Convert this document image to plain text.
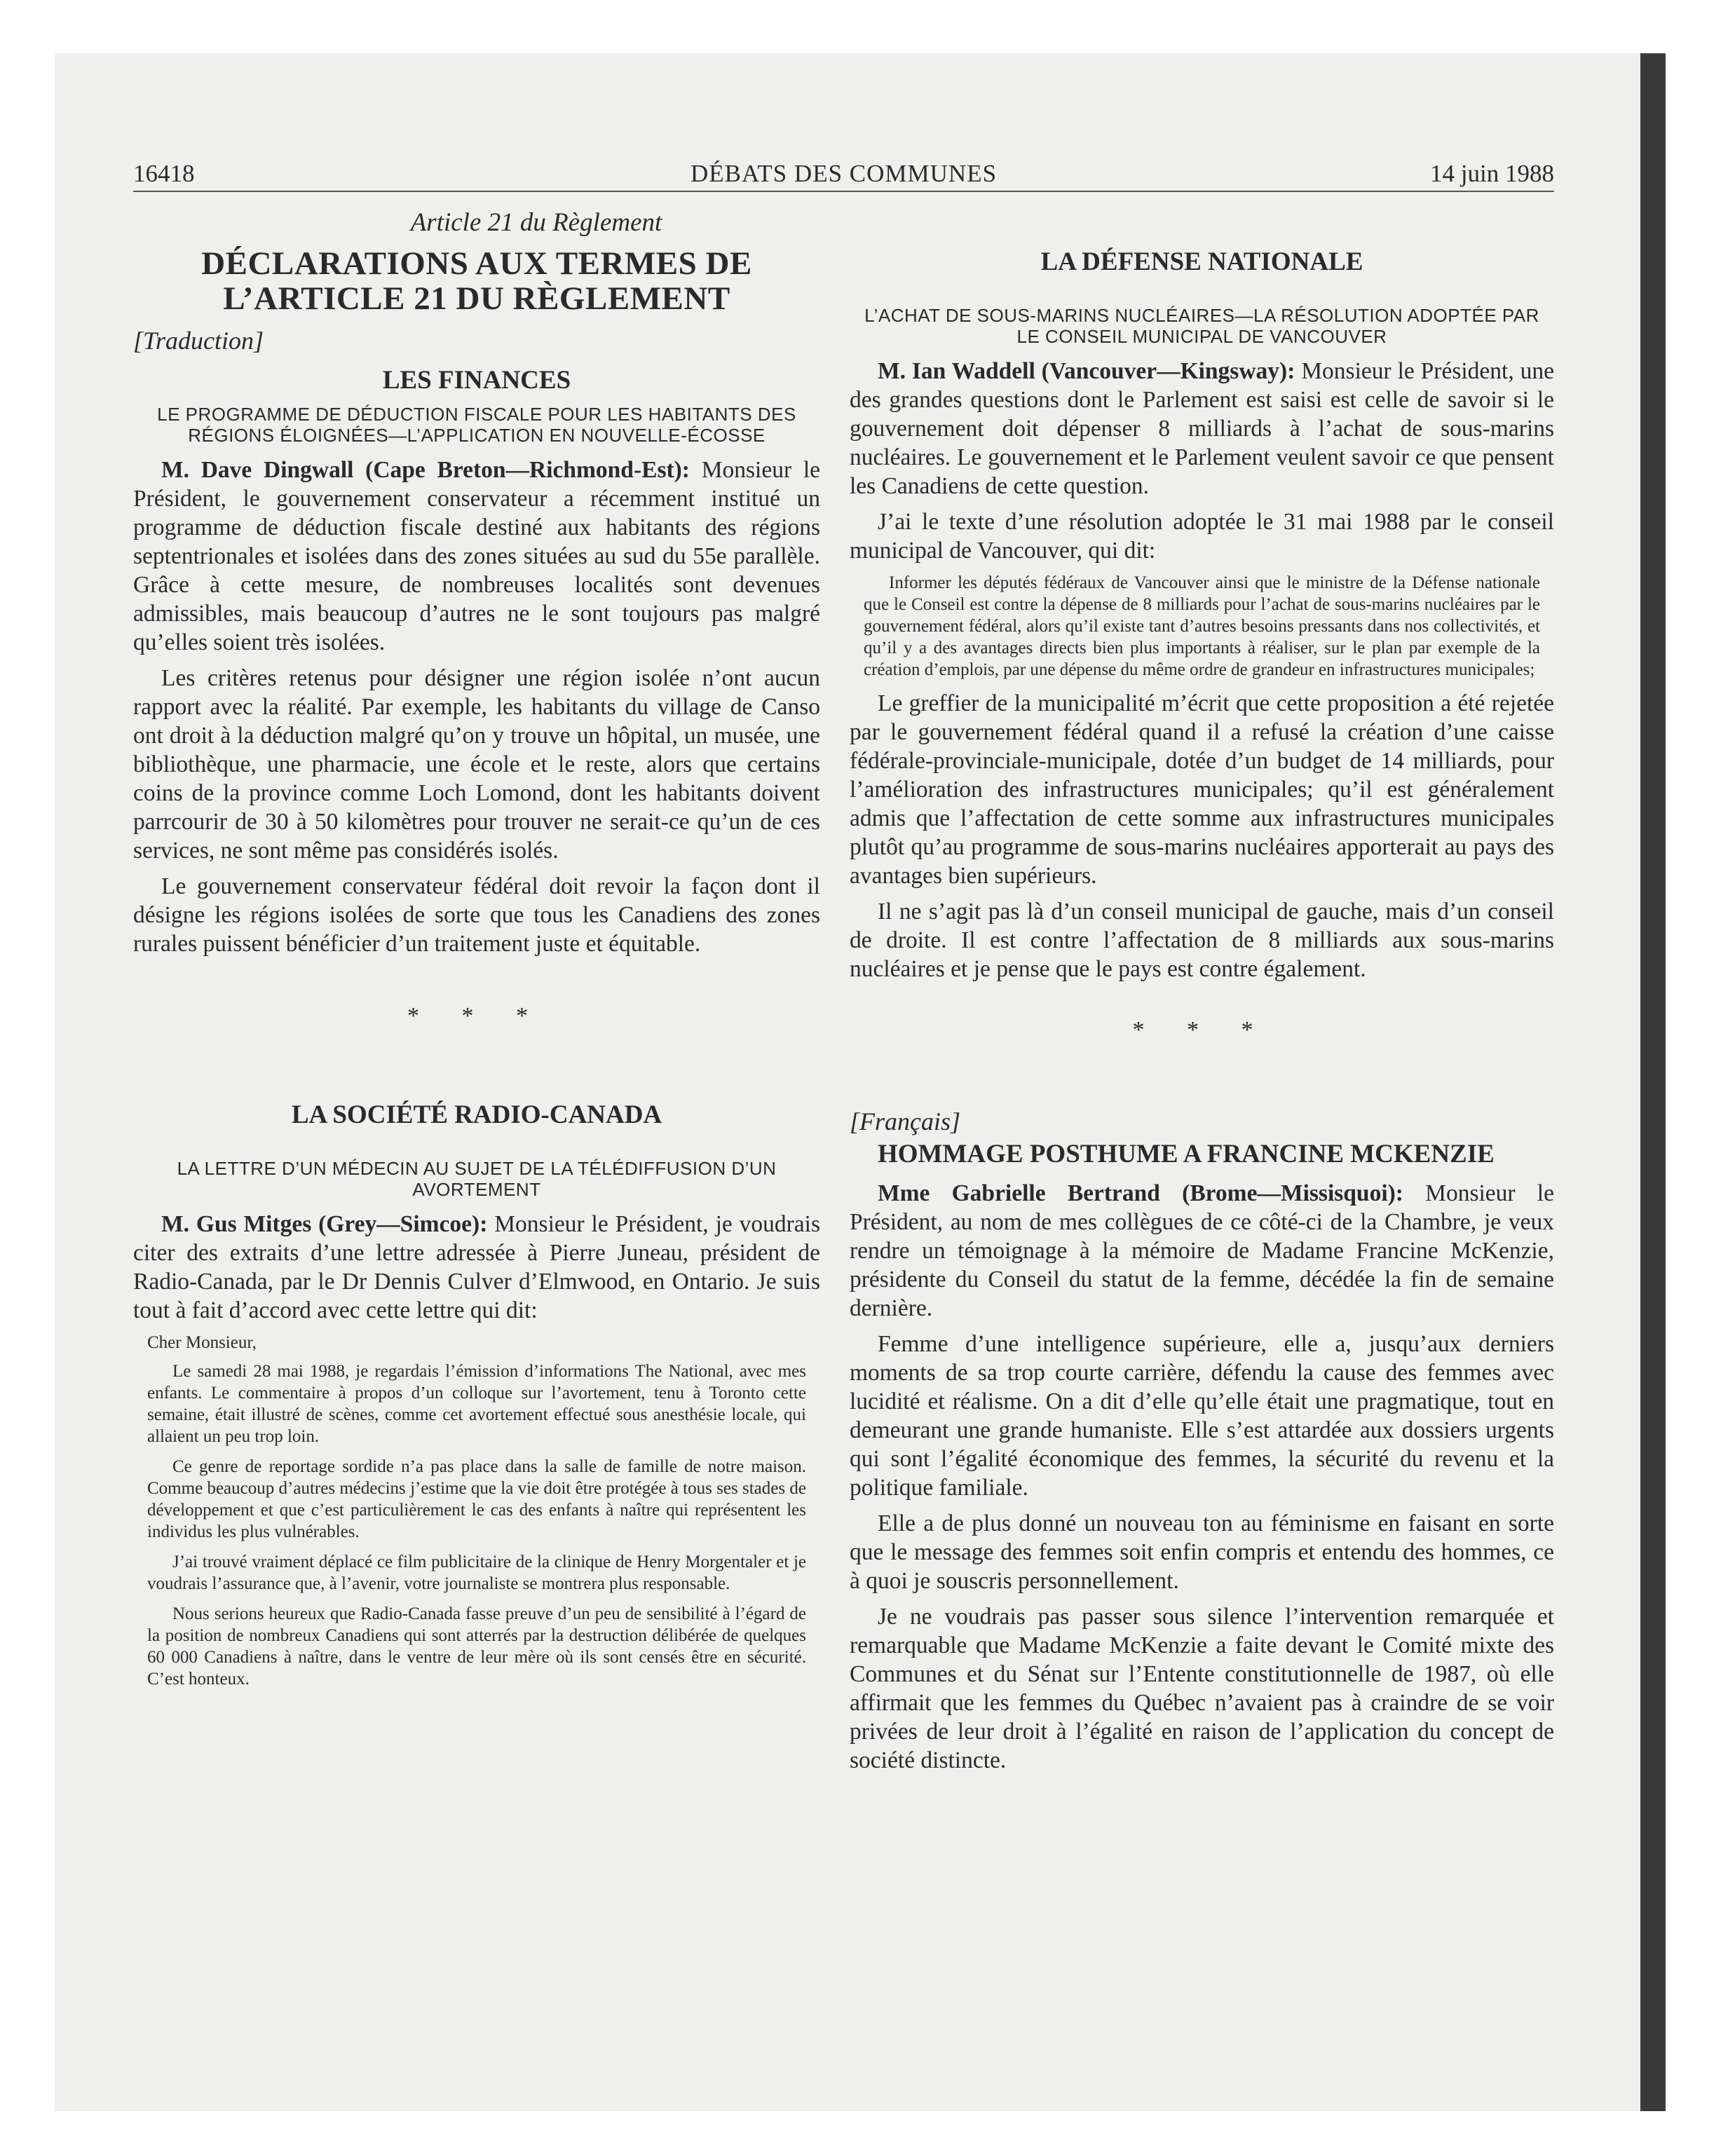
16418	DÉBATS DES COMMUNES	14 juin 1988
Article 21 du Règlement
DÉCLARATIONS AUX TERMES DE
L’ARTICLE 21 DU RÈGLEMENT
[Traduction]
LES FINANCES
LE PROGRAMME DE DÉDUCTION FISCALE POUR LES HABITANTS DES RÉGIONS ÉLOIGNÉES—L’APPLICATION EN NOUVELLE-ÉCOSSE

M. Dave Dingwall (Cape Breton—Richmond-Est): Monsieur le Président, le gouvernement conservateur a récemment institué un programme de déduction fiscale destiné aux habitants des régions septentrionales et isolées dans des zones situées au sud du 55e parallèle. Grâce à cette mesure, de nombreuses localités sont devenues admissibles, mais beaucoup d’autres ne le sont toujours pas malgré qu’elles soient très isolées.

Les critères retenus pour désigner une région isolée n’ont aucun rapport avec la réalité. Par exemple, les habitants du village de Canso ont droit à la déduction malgré qu’on y trouve un hôpital, un musée, une bibliothèque, une pharmacie, une école et le reste, alors que certains coins de la province comme Loch Lomond, dont les habitants doivent parrcourir de 30 à 50 kilomètres pour trouver ne serait-ce qu’un de ces services, ne sont même pas considérés isolés.

Le gouvernement conservateur fédéral doit revoir la façon dont il désigne les régions isolées de sorte que tous les Canadiens des zones rurales puissent bénéficier d’un traitement juste et équitable.

* * *
LA SOCIÉTÉ RADIO-CANADA
LA LETTRE D’UN MÉDECIN AU SUJET DE LA TÉLÉDIFFUSION D’UN AVORTEMENT

M. Gus Mitges (Grey—Simcoe): Monsieur le Président, je voudrais citer des extraits d’une lettre adressée à Pierre Juneau, président de Radio-Canada, par le Dr Dennis Culver d’Elmwood, en Ontario. Je suis tout à fait d’accord avec cette lettre qui dit:

Cher Monsieur,
Le samedi 28 mai 1988, je regardais l’émission d’informations The National, avec mes enfants. Le commentaire à propos d’un colloque sur l’avortement, tenu à Toronto cette semaine, était illustré de scènes, comme cet avortement effectué sous anesthésie locale, qui allaient un peu trop loin.
Ce genre de reportage sordide n’a pas place dans la salle de famille de notre maison. Comme beaucoup d’autres médecins j’estime que la vie doit être protégée à tous ses stades de développement et que c’est particulièrement le cas des enfants à naître qui représentent les individus les plus vulnérables.
J’ai trouvé vraiment déplacé ce film publicitaire de la clinique de Henry Morgentaler et je voudrais l’assurance que, à l’avenir, votre journaliste se montrera plus responsable.
Nous serions heureux que Radio-Canada fasse preuve d’un peu de sensibilité à l’égard de la position de nombreux Canadiens qui sont atterrés par la destruction délibérée de quelques 60 000 Canadiens à naître, dans le ventre de leur mère où ils sont censés être en sécurité. C’est honteux.
LA DÉFENSE NATIONALE
L’ACHAT DE SOUS-MARINS NUCLÉAIRES—LA RÉSOLUTION ADOPTÉE PAR LE CONSEIL MUNICIPAL DE VANCOUVER

M. Ian Waddell (Vancouver—Kingsway): Monsieur le Président, une des grandes questions dont le Parlement est saisi est celle de savoir si le gouvernement doit dépenser 8 milliards à l’achat de sous-marins nucléaires. Le gouvernement et le Parlement veulent savoir ce que pensent les Canadiens de cette question.

J’ai le texte d’une résolution adoptée le 31 mai 1988 par le conseil municipal de Vancouver, qui dit:

Informer les députés fédéraux de Vancouver ainsi que le ministre de la Défense nationale que le Conseil est contre la dépense de 8 milliards pour l’achat de sous-marins nucléaires par le gouvernement fédéral, alors qu’il existe tant d’autres besoins pressants dans nos collectivités, et qu’il y a des avantages directs bien plus importants à réaliser, sur le plan par exemple de la création d’emplois, par une dépense du même ordre de grandeur en infrastructures municipales;

Le greffier de la municipalité m’écrit que cette proposition a été rejetée par le gouvernement fédéral quand il a refusé la création d’une caisse fédérale-provinciale-municipale, dotée d’un budget de 14 milliards, pour l’amélioration des infrastructures municipales; qu’il est généralement admis que l’affectation de cette somme aux infrastructures municipales plutôt qu’au programme de sous-marins nucléaires apporterait au pays des avantages bien supérieurs.

Il ne s’agit pas là d’un conseil municipal de gauche, mais d’un conseil de droite. Il est contre l’affectation de 8 milliards aux sous-marins nucléaires et je pense que le pays est contre également.

* * *
[Français]
HOMMAGE POSTHUME A FRANCINE MCKENZIE

Mme Gabrielle Bertrand (Brome—Missisquoi): Monsieur le Président, au nom de mes collègues de ce côté-ci de la Chambre, je veux rendre un témoignage à la mémoire de Madame Francine McKenzie, présidente du Conseil du statut de la femme, décédée la fin de semaine dernière.

Femme d’une intelligence supérieure, elle a, jusqu’aux derniers moments de sa trop courte carrière, défendu la cause des femmes avec lucidité et réalisme. On a dit d’elle qu’elle était une pragmatique, tout en demeurant une grande humaniste. Elle s’est attardée aux dossiers urgents qui sont l’égalité économique des femmes, la sécurité du revenu et la politique familiale.

Elle a de plus donné un nouveau ton au féminisme en faisant en sorte que le message des femmes soit enfin compris et entendu des hommes, ce à quoi je souscris personnellement.

Je ne voudrais pas passer sous silence l’intervention remarquée et remarquable que Madame McKenzie a faite devant le Comité mixte des Communes et du Sénat sur l’Entente constitutionnelle de 1987, où elle affirmait que les femmes du Québec n’avaient pas à craindre de se voir privées de leur droit à l’égalité en raison de l’application du concept de société distincte.
